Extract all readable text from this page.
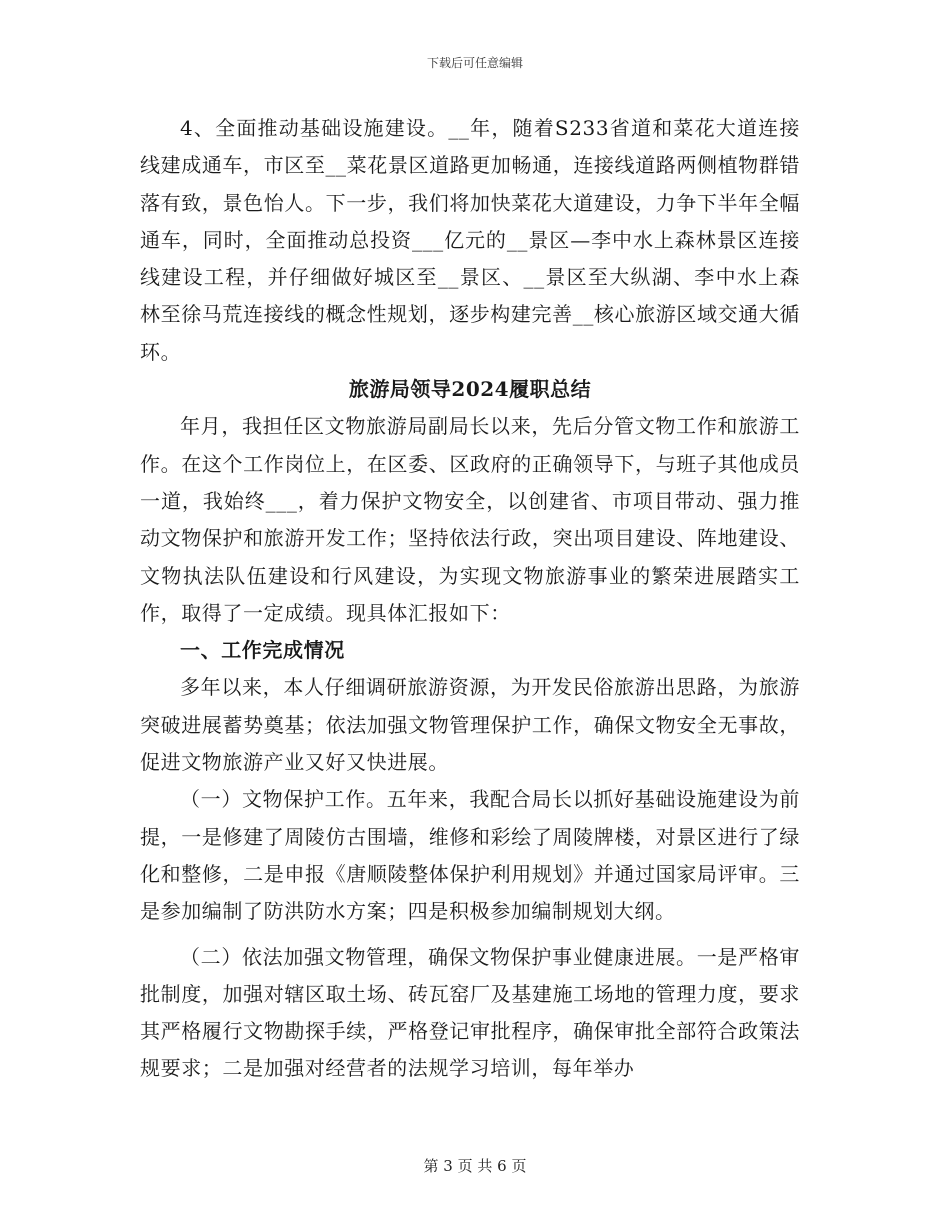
下载后可任意编辑

4、全面推动基础设施建设。__年，随着S233省道和菜花大道连接线建成通车，市区至__菜花景区道路更加畅通，连接线道路两侧植物群错落有致，景色怡人。下一步，我们将加快菜花大道建设，力争下半年全幅通车，同时，全面推动总投资___亿元的__景区—李中水上森林景区连接线建设工程，并仔细做好城区至__景区、__景区至大纵湖、李中水上森林至徐马荒连接线的概念性规划，逐步构建完善__核心旅游区域交通大循环。

旅游局领导2024履职总结

年月，我担任区文物旅游局副局长以来，先后分管文物工作和旅游工作。在这个工作岗位上，在区委、区政府的正确领导下，与班子其他成员一道，我始终___，着力保护文物安全，以创建省、市项目带动、强力推动文物保护和旅游开发工作；坚持依法行政，突出项目建设、阵地建设、文物执法队伍建设和行风建设，为实现文物旅游事业的繁荣进展踏实工作，取得了一定成绩。现具体汇报如下：

一、工作完成情况

多年以来，本人仔细调研旅游资源，为开发民俗旅游出思路，为旅游突破进展蓄势奠基；依法加强文物管理保护工作，确保文物安全无事故，促进文物旅游产业又好又快进展。

（一）文物保护工作。五年来，我配合局长以抓好基础设施建设为前提，一是修建了周陵仿古围墙，维修和彩绘了周陵牌楼，对景区进行了绿化和整修，二是申报《唐顺陵整体保护利用规划》并通过国家局评审。三是参加编制了防洪防水方案；四是积极参加编制规划大纲。

（二）依法加强文物管理，确保文物保护事业健康进展。一是严格审批制度，加强对辖区取土场、砖瓦窑厂及基建施工场地的管理力度，要求其严格履行文物勘探手续，严格登记审批程序，确保审批全部符合政策法规要求；二是加强对经营者的法规学习培训，每年举办

第 3 页 共 6 页
